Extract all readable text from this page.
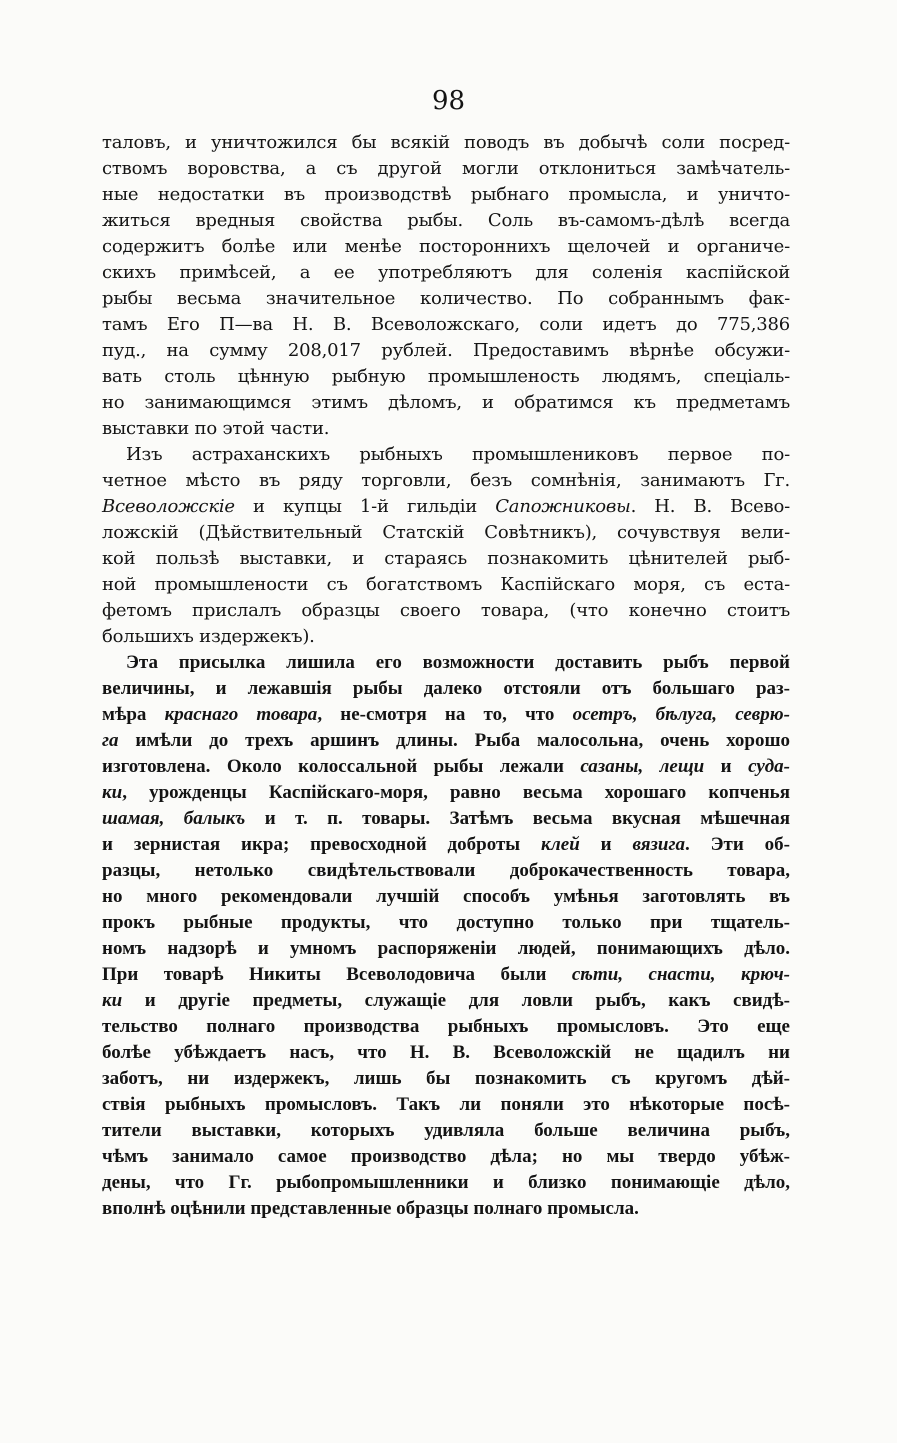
98
таловъ, и уничтожился бы всякій поводъ въ добычѣ соли посред-
ствомъ воровства, а съ другой могли отклониться замѣчатель-
ные недостатки въ производствѣ рыбнаго промысла, и уничто-
житься вредныя свойства рыбы. Соль въ-самомъ-дѣлѣ всегда
содержитъ болѣе или менѣе постороннихъ щелочей и органиче-
скихъ примѣсей, а ее употребляютъ для соленія каспійской
рыбы весьма значительное количество. По собраннымъ фак-
тамъ Его П—ва Н. В. Всеволожскаго, соли идетъ до 775,386
пуд., на сумму 208,017 рублей. Предоставимъ вѣрнѣе обсужи-
вать столь цѣнную рыбную промышленость людямъ, спеціаль-
но занимающимся этимъ дѣломъ, и обратимся къ предметамъ
выставки по этой части.
Изъ астраханскихъ рыбныхъ промышлениковъ первое по-
четное мѣсто въ ряду торговли, безъ сомнѣнія, занимаютъ Гг.
Всеволожскіе и купцы 1-й гильдіи Сапожниковы. Н. В. Всево-
ложскій (Дѣйствительный Статскій Совѣтникъ), сочувствуя вели-
кой пользѣ выставки, и стараясь познакомить цѣнителей рыб-
ной промышлености съ богатствомъ Каспійскаго моря, съ еста-
фетомъ прислалъ образцы своего товара, (что конечно стоитъ
большихъ издержекъ).
Эта присылка лишила его возможности доставить рыбъ первой
величины, и лежавшія рыбы далеко отстояли отъ большаго раз-
мѣра краснаго товара, не-смотря на то, что осетръ, бѣлуга, севрю-
га имѣли до трехъ аршинъ длины. Рыба малосольна, очень хорошо
изготовлена. Около колоссальной рыбы лежали сазаны, лещи и суда-
ки, урожденцы Каспійскаго-моря, равно весьма хорошаго копченья
шамая, балыкъ и т. п. товары. Затѣмъ весьма вкусная мѣшечная
и зернистая икра; превосходной доброты клей и вязига. Эти об-
разцы, нетолько свидѣтельствовали доброкачественность товара,
но много рекомендовали лучшій способъ умѣнья заготовлять въ
прокъ рыбные продукты, что доступно только при тщатель-
номъ надзорѣ и умномъ распоряженіи людей, понимающихъ дѣло.
При товарѣ Никиты Всеволодовича были сѣти, снасти, крюч-
ки и другіе предметы, служащіе для ловли рыбъ, какъ свидѣ-
тельство полнаго производства рыбныхъ промысловъ. Это еще
болѣе убѣждаетъ насъ, что Н. В. Всеволожскій не щадилъ ни
заботъ, ни издержекъ, лишь бы познакомить съ кругомъ дѣй-
ствія рыбныхъ промысловъ. Такъ ли поняли это нѣкоторые посѣ-
тители выставки, которыхъ удивляла больше величина рыбъ,
чѣмъ занимало самое производство дѣла; но мы твердо убѣж-
дены, что Гг. рыбопромышленники и близко понимающіе дѣло,
вполнѣ оцѣнили представленные образцы полнаго промысла.
